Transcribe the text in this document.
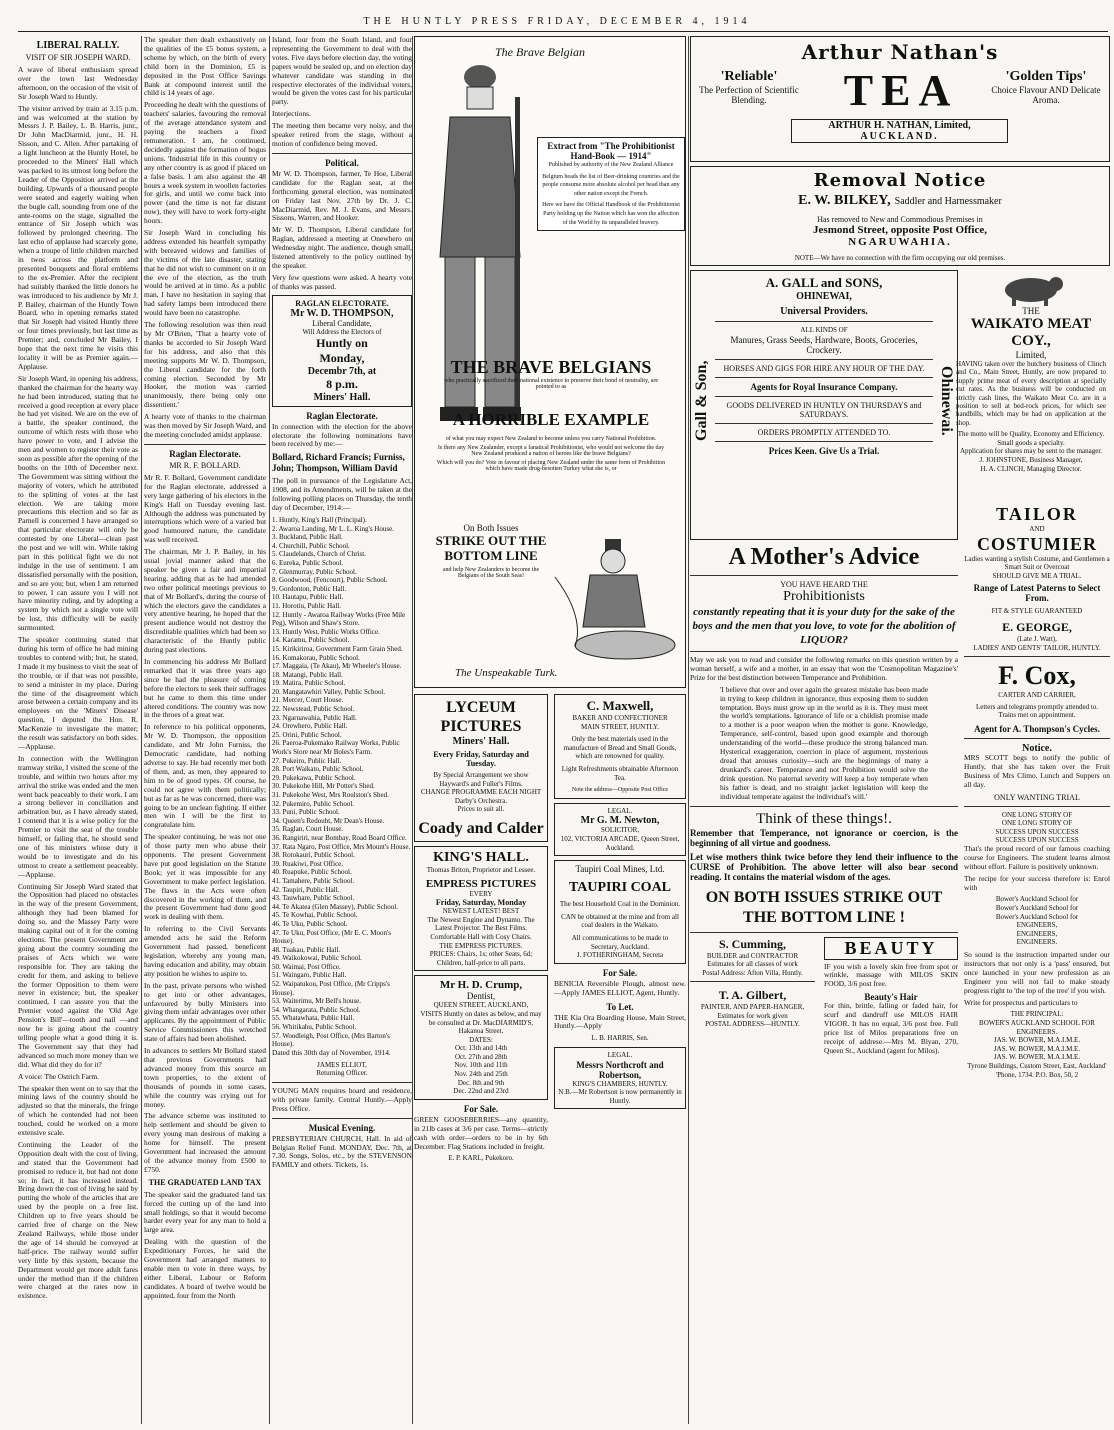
THE HUNTLY PRESS FRIDAY, DECEMBER 4, 1914
LIBERAL RALLY.
VISIT OF SIR JOSEPH WARD.

A wave of liberal enthusiasm spread over the town last Wednesday afternoon, on the occasion of the visit of Sir Joseph Ward to Huntly.

The visitor arrived by train at 3.15 p.m. and was welcomed at the station by Messrs J. P. Bailey, L. B. Harris, junr., Dr John MacDiarmid, junr., H. H. Sisson, and C. Allen. After partaking of a light luncheon at the Huntly Hotel, he proceeded to the Miners' Hall which was packed to its utmost long before the Leader of the Opposition arrived at the building. Upwards of a thousand people were seated and eagerly waiting when the bugle call, sounding from one of the ante-rooms on the stage, signalled the entrance of Sir Joseph which was followed by prolonged cheering. The last echo of applause had scarcely gone, when a troupe of little children marched in twos across the platform and presented bouquets and floral emblems to the ex-Premier. After the recipient had suitably thanked the little donors he was introduced to his audience by Mr J. P. Bailey, chairman of the Huntly Town Board, who in opening remarks stated that Sir Joseph had visited Huntly three or four times previously, but last time as Premier; and, concluded Mr Bailey, I hope that the next time he visits this locality it will be as Premier again.—Applause.

Sir Joseph Ward, in opening his address, thanked the chairman for the hearty way he had been introduced, stating that he received a good reception at every place he had yet visited. We are on the eve of a battle, the speaker continued, the outcome of which rests with those who have power to vote, and I advise the men and women to register their vote as soon as possible after the opening of the booths on the 10th of December next. The Government was sitting without the majority of voters, which he attributed to the splitting of votes at the last election. We are taking more precautions this election and so far as Parnell is concerned I have arranged so that particular electorate will only be contested by one Liberal—clean past the post and we will win. While taking part in this political fight we do not indulge in the use of sentiment. I am dissatisfied personally with the position, and so are you; but, when I am returned to power, I can assure you I will not have minority ruling, and by adopting a system by which not a single vote will be lost, this difficulty will be easily surmounted.

The speaker continuing stated that during his term of office he had mining troubles to contend with; but, he stated, I made it my business to visit the seat of the trouble, or if that was not possible, to send a minister in my place. During the time of the disagreement which arose between a certain company and its employees on the 'Miners' Disease' question, I deputed the Hon. R. MacKenzie to investigate the matter; the result was satisfactory on both sides.—Applause.

In connection with the Wellington tramway strike, I visited the scene of the trouble, and within two hours after my arrival the strike was ended and the men went back peaceably to their work. I am a strong believer in conciliation and arbitration but, as I have already stated, I contend that it is a wise policy for the Premier to visit the seat of the trouble himself, or failing that, he should send one of his ministers whose duty it would be to investigate and do his utmost to create a settlement peaceably.—Applause.

Continuing Sir Joseph Ward stated that the Opposition had placed no obstacles in the way of the present Government, although they had been blamed for doing so, and the Massey Party were making capital out of it for the coming elections. The present Government are going about the country sounding the praises of Acts which we were responsible for. They are taking the credit for them, and asking to believe the former Opposition to them were never in existence; but, the speaker continued, I can assure you that the Premier voted against the 'Old Age Pension's Bill'—tooth and nail —and now he is going about the country telling people what a good thing it is. The Government say that they had advanced so much more money than we did. What did they do for it?

A voice: The Ostrich Farm.

The speaker then went on to say that the mining laws of the country should be adjusted so that the minerals, the fringe of which he contended had not been touched, could be worked on a more extensive scale.

Continuing the Leader of the Opposition dealt with the cost of living, and stated that the Government had promised to reduce it, but had not done so; in fact, it has increased instead. Bring down the cost of living he said by putting the whole of the articles that are used by the people on a free list. Children up to five years should be carried free of charge on the New Zealand Railways, while those under the age of 14 should be conveyed at half-price. The railway would suffer very little by this system, because the Department would get more adult fares under the method than if the children were charged at the rates now in existence.

The speaker then dealt exhaustively on the qualities of the £5 bonus system, a scheme by which, on the birth of every child born in the Dominion, £5 is deposited in the Post Office Savings Bank at compound interest until the child is 14 years of age.

Proceeding he dealt with the questions of teachers' salaries, favouring the removal of the average attendance system and paying the teachers a fixed remuneration. I am, he continued, decidedly against the formation of bogus unions. 'Industrial life in this country or any other country is as good if placed on a false basis. I am also against the 48 hours a week system in woollen factories for girls, and until we come back into power (and the time is not far distant now), they will have to work forty-eight hours.

Sir Joseph Ward in concluding his address extended his heartfelt sympathy with bereaved widows and families of the victims of the late disaster, stating that he did not wish to comment on it on the eve of the election, as the truth would be arrived at in time. As a public man, I have no hesitation in saying that had safety lamps been introduced there would have been no catastrophe.

The following resolution was then read by Mr O'Brien, 'That a hearty vote of thanks be accorded to Sir Joseph Ward for his address, and also that this meeting supports Mr W. D. Thompson, the Liberal candidate for the forth coming election. Seconded by Mr Hooker, the motion was carried unanimously, there being only one dissentient.'

A hearty vote of thanks to the chairman was then moved by Sir Joseph Ward, and the meeting concluded amidst applause.

Raglan Electorate.
MR R. F. BOLLARD.

Mr R. F. Bollard, Government candidate for the Raglan electorate, addressed a very large gathering of his electors in the King's Hall on Tuesday evening last. Although the address was punctuated by interruptions which were of a varied but good humoured nature, the candidate was well received.

The chairman, Mr J. P. Bailey, in his usual jovial manner asked that the speaker be given a fair and impartial hearing, adding that as he had attended two other political meetings previous to that of Mr Bollard's, during the course of which the electors gave the candidates a very attentive hearing, he hoped that the present audience would not destroy the discreditable qualities which had been so characteristic of the Huntly public during past elections.

In commencing his address Mr Bollard remarked that it was three years ago since he had the pleasure of coming before the electors to seek their suffrages but he came to them this time under altered conditions. The country was now in the throes of a great war.

In reference to his political opponents, Mr W. D. Thompson, the opposition candidate, and Mr John Furniss, the Democratic candidate, had nothing adverse to say. He had recently met both of them, and, as men, they appeared to him to be of good types. Of course, he could not agree with them politically; but as far as he was concerned, there was going to be an unclean fighting. If either men win I will be the first to congratulate him.

The speaker continuing, he was not one of those party men who abuse their opponents. The present Government have put good legislation on the Statute Book; yet it was impossible for any Government to make perfect legislation. The flaws in the Acts were often discovered in the working of them, and the present Government had done good work in dealing with them.

In referring to the Civil Servants amended acts he said the Reform Government had passed, beneficent legislation, whereby any young man, having education and ability, may obtain any position he wishes to aspire to.

In the past, private persons who wished to get into or other advantages, unfavoured by bully Ministers into giving them unfair advantages over other applicants. By the appointment of Public Service Commissioners this wretched state of affairs had been abolished.

In advances to settlers Mr Bollard stated that previous Governments had advanced money from this source on town properties, to the extent of thousands of pounds in some cases, while the country was crying out for money.

The advance scheme was instituted to help settlement and should be given to every young man desirous of making a home for himself. The present Government had increased the amount of the advance money from £500 to £750.

THE GRADUATED LAND TAX

The speaker said the graduated land tax forced the cutting up of the land into small holdings, so that it would become harder every year for any man to hold a large area.

Dealing with the question of the Expeditionary Forces, he said the Government had arranged matters to enable men to vote in three ways, by either Liberal, Labour or Reform candidates. A board of twelve would be appointed, four from the North

Island, four from the South Island, and four representing the Government to deal with the votes. Five days before election day, the voting papers would be sealed up, and on election day whatever candidate was standing in the respective electorates of the individual voters, would be given the votes cast for his particular party.

Interjections.

The meeting then became very noisy, and the speaker retired from the stage, without a motion of confidence being moved.

Political.

Mr W. D. Thompson, farmer, Te Hoe, Liberal candidate for the Raglan seat, at the forthcoming general election, was nominated on Friday last Nov. 27th by Dr. J. C. MacDiarmid, Rev. M. J. Evans, and Messrs. Sissons, Warren, and Hooker.

Mr W. D. Thompson, Liberal candidate for Raglan, addressed a meeting at Onewhero on Wednesday night. The audience, though small, listened attentively to the policy outlined by the speaker.

Very few questions were asked. A hearty vote of thanks was passed.

RAGLAN ELECTORATE.
Mr W. D. THOMPSON,
Liberal Candidate,
Will Address the Electors of
Huntly on
Monday,
Decembr 7th, at
8 p.m.
Miners' Hall.
Raglan Electorate.

In connection with the election for the above electorate the following nominations have been received by me:—

Bollard, Richard Francis; Furniss, John; Thompson, William David

The poll in pursuance of the Legislature Act, 1908, and its Amendments, will be taken at the following polling places on Thursday, the tenth day of December, 1914:—

1. Huntly, King's Hall (Principal).

2. Awaroa Landing, Mr L. L. King's House.

3. Buckland, Public Hall.

4. Churchill, Public School.

5. Claudelands, Church of Christ.

6. Eureka, Public School.

7. Glenmurray, Public School.

8. Goodwood, (Fencourt), Public School.

9. Gordonton, Public Hall.

10. Hautapu, Public Hall.

11. Horotiu, Public Hall.

12. Huntly - Awaroa Railway Works (Free Mile Peg), Wilson and Shaw's Store.

13. Huntly West, Public Works Office.

14. Karamu, Public School.

15. Kirikiriroa, Government Farm Grain Shed.

16. Komakorau, Public School.

17. Maggaia, (Te Akau), Mr Wheeler's House.

18. Matangi, Public Hall.

19. Matira, Public School.

20. Mangatawhiri Valley, Public School.

21. Mercer, Court House.

22. Newstead, Public School.

23. Ngaruawahia, Public Hall.

24. Orewhero, Public Hall.

25. Orini, Public School.

26. Paeroa-Pukemako Railway Works, Public Work's Store near Mr Boles's Farm.

27. Pukeiro, Public Hall.

28. Port Waikato, Public School.

29. Pukekawa, Public School.

30. Pukekohe Hill, Mr Potter's Shed.

31. Pukekohe West, Mrs Roulston's Shed.

32. Pukemiro, Public School.

33. Puni, Public School.

34. Queen's Redoubt, Mr Dean's House.

35. Raglan, Court House.

36. Rangiriri, near Bombay, Road Board Office.

37. Rata Ngaro, Post Office, Mrs Mount's House.

38. Rotokauri, Public School.

39. Ruakiwi, Post Office.

40. Ruapuke, Public School.

41. Tamahere, Public School.

42. Taupiri, Public Hall.

43. Tauwhare, Public School.

44. Te Akatea (Glen Massey), Public School.

45. Te Kowhai, Public School.

46. Te Uku, Public School.

47. Te Uku, Post Office, (Mr E. C. Moon's House).

48. Tuakau, Public Hall.

49. Waikokowai, Public School.

50. Waimai, Post Office.

51. Waingaro, Public Hall.

52. Waipatukou, Post Office, (Mr Cripps's House).

53. Waiterimu, Mr Bell's house.

54. Whangarata, Public School.

55. Whatawhata, Public Hall.

56. Whitikahu, Public School.

57. Woodleigh, Post Office, (Mrs Barton's House).

Dated this 30th day of November, 1914.

JAMES ELLIOT,
Returning Officer.

YOUNG MAN requires board and residence, with private family. Central Huntly.—Apply Press Office.

Musical Evening.

PRESBYTERIAN CHURCH, Hall. In aid of Belgian Relief Fund. MONDAY, Dec. 7th, at 7.30. Songs, Solos, etc., by the STEVENSON FAMILY and others. Tickets, 1s.

The Brave Belgian
Extract from "The Prohibitionist Hand-Book — 1914"
Published by authority of the New Zealand Alliance
Belgium heads the list of Beer-drinking countries and the people consume more absolute alcohol per head than any other nation except the French.
Here we have the Official Handbook of the Prohibitionist Party holding up the Nation which has won the affection of the World by its unparalleled bravery.
THE BRAVE BELGIANS
who practically sacrificed their national existence to preserve their bond of neutrality, are pointed to as
A HORRIBLE EXAMPLE
of what you may expect New Zealand to become unless you carry National Prohibition.
Is there any New Zealander, except a fanatical Prohibitionist, who would not welcome the day New Zealand produced a nation of heroes like the brave Belgians?
Which will you do? Vote in favour of placing New Zealand under the same form of Prohibition which have made drug-besotten Turkey what she is, or
On Both Issues
STRIKE OUT THE BOTTOM LINE
and help New Zealanders to become the Belgians of the South Seas!
The Unspeakable Turk.
LYCEUM PICTURES
Miners' Hall.
Every Friday, Saturday and Tuesday.
By Special Arrangement we show Hayward's and Fuller's Films.
CHANGE PROGRAMME EACH NIGHT
Darby's Orchestra.
Prices to suit all.
Coady and Calder
KING'S HALL.
Thomas Briton, Proprietor and Lessee.
EMPRESS PICTURES
EVERY
Friday, Saturday, Monday
NEWEST LATEST! BEST
The Newest Engine and Dynamo. The Latest Projector. The Best Films. Comfortable Hall with Cosy Chairs.
THE EMPRESS PICTURES.
PRICES: Chairs, 1s; other Seats, 6d; Children, half-price to all parts.
Mr H. D. Crump,
Dentist,
QUEEN STREET, AUCKLAND,
VISITS Huntly on dates as below, and may be consulted at Dr. MacDIARMID'S, Hakanoa Street.
DATES:
Oct. 13th and 14th
Oct. 27th and 28th
Nov. 10th and 11th
Nov. 24th and 25th
Dec. 8th and 9th
Dec. 22nd and 23rd
For Sale.

GREEN GOOSEBERRIES—any quantity, in 21lb cases at 3/6 per case. Terms—strictly cash with order—orders to be in by 6th December. Flag Stations included in freight.

E. P. KARL, Pukekoro.
C. Maxwell,
BAKER AND CONFECTIONER
MAIN STREET, HUNTLY.
Only the best materials used in the manufacture of Bread and Small Goods, which are renowned for quality.
Light Refreshments obtainable Afternoon Tea.
Note the address—Opposite Post Office
LEGAL.
Mr G. M. Newton,
SOLICITOR,
102, VICTORIA ARCADE, Queen Street, Auckland.
Taupiri Coal Mines, Ltd.
TAUPIRI COAL
The best Household Coal in the Dominion.
CAN be obtained at the mine and from all coal dealers in the Waikato.
All communications to be made to Secretary, Auckland.
J. FOTHERINGHAM, Secreta
For Sale.

BENICIA Reversible Plough, almost new.—Apply JAMES ELLIOT, Agent, Huntly.

To Let.

THE Kia Ora Boarding House, Main Street, Huntly.—Apply

L. B. HARRIS, Sen.
LEGAL.
Messrs Northcroft and Robertson,
KING'S CHAMBERS, HUNTLY.
N.B.—Mr Robertson is now permanently in Huntly.
Arthur Nathan's
'Reliable'
The Perfection of Scientific Blending.	TEA	'Golden Tips'
Choice Flavour AND Delicate Aroma.
ARTHUR H. NATHAN, Limited,
AUCKLAND.
Removal Notice
E. W. BILKEY, Saddler and Harnessmaker
Has removed to New and Commodious Premises in
Jesmond Street, opposite Post Office,
NGARUWAHIA.
NOTE—We have no connection with the firm occupying our old premises.
Gall & Son,	Ohinewai.
A. GALL and SONS,
OHINEWAI,
Universal Providers.
ALL KINDS OF
Manures, Grass Seeds, Hardware, Boots, Groceries, Crockery.
HORSES AND GIGS FOR HIRE ANY HOUR OF THE DAY.
Agents for Royal Insurance Company.
GOODS DELIVERED IN HUNTLY ON THURSDAYS and SATURDAYS.
ORDERS PROMPTLY ATTENDED TO.
Prices Keen. Give Us a Trial.
THE
WAIKATO MEAT COY.,
Limited,

HAVING taken over the butchery business of Clinch and Co., Main Street, Huntly, are now prepared to supply prime meat of every description at specially cut rates. As the business will be conducted on strictly cash lines, the Waikato Meat Co. are in a position to sell at bed-rock prices, for which see handbills, which may be had on application at the shop.

The motto will be Quality, Economy and Efficiency.
Small goods a specialty.
Application for shares may be sent to the manager.
J. JOHNSTONE, Business Manager,
H. A. CLINCH, Managing Director.
A Mother's Advice
YOU HAVE HEARD THE
Prohibitionists
constantly repeating that it is your duty for the sake of the boys and the men that you love, to vote for the abolition of LIQUOR?

May we ask you to read and consider the following remarks on this question written by a woman herself, a wife and a mother, in an essay that won the 'Cosmopolitan Magazine's' Prize for the best distinction between Temperance and Prohibition.

'I believe that over and over again the greatest mistake has been made in trying to keep children in ignorance, thus exposing them to sudden temptation. Boys must grow up in the world as it is. They must meet the world's temptations. Ignorance of life or a childish promise made to a mother is a poor weapon when the mother is gone. Knowledge, Temperance, self-control, based upon good example and thorough understanding of the world—these produce the strong balanced man. Hysterical exaggeration, coercion in place of argument, mysterious dread that arouses curiosity—such are the beginnings of many a drunkard's career. Temperance and not Prohibition would solve the drink question. No paternal severity will keep a boy temperate when his father is dead, and no straight jacket legislation will keep the individual temperate against the individual's will.'

Think of these things!.
Remember that Temperance, not ignorance or coercion, is the beginning of all virtue and goodness.
Let wise mothers think twice before they lend their influence to the CURSE of Prohibition. The above letter will also bear second reading. It contains the material wisdom of the ages.
ON BOTH ISSUES STRIKE OUT THE BOTTOM LINE !
S. Cumming,
BUILDER and CONTRACTOR
Estimates for all classes of work
Postal Address: Afton Villa, Huntly.
T. A. Gilbert,
PAINTER, AND PAPER-HANGER,
Estimates for work given
POSTAL ADDRESS—HUNTLY.
BEAUTY

IF you wish a lovely skin free from spot or wrinkle, massage with MILOS SKIN FOOD, 3/6 post free.

Beauty's Hair

For thin, brittle, falling or faded hair, for scurf and dandruff use MILOS HAIR VIGOR. It has no equal, 3/6 post free. Full price list of Milos preparations free on receipt of addrese.—Mrs M. Blyan, 270, Queen St., Auckland (agent for Milos).

TAILOR
AND
COSTUMIER
Ladies wanting a stylish Costume, and Gentlemen a Smart Suit or Overcoat
SHOULD GIVE ME A TRIAL.
Range of Latest Paterns to Select From.
FIT & STYLE GUARANTEED
E. GEORGE,
(Late J. Watt),
LADIES' AND GENTS' TAILOR, HUNTLY.
F. Cox,
CARTER AND CARRIER,
Letters and telegrams promptly attended to.
Trains met on appointment.
Agent for A. Thompson's Cycles.
Notice.

MRS SCOTT begs to notify the public of Huntly, that she has taken over the Fruit Business of Mrs Climo. Lunch and Suppers on all day.

ONLY WANTING TRIAL
ONE LONG STORY OF
ONE LONG STORY OF
SUCCESS UPON SUCCESS
SUCCESS UPON SUCCESS

That's the proud record of our famous coaching course for Engineers. The student learns almost without effort. Failure is positively unknown.

The recipe for your success therefore is: Enrol with

Bower's Auckland School for
Bower's Auckland School for
Bower's Auckland School for
ENGINEERS,
ENGINEERS,
ENGINEERS.

So sound is the instruction imparted under our instructors that not only is a 'pass' ensured, but once launched in your new profession as an Engineer you will not fail to make steady progress right to 'the top of the tree' if you wish.

Write for prospectus and particulars to

THE PRINCIPAL:
BOWER'S AUCKLAND SCHOOL FOR ENGINEERS.
JAS. W. BOWER, M.A.I.M.E.
JAS. W. BOWER, M.A.I.M.E.
JAS. W. BOWER, M.A.I.M.E.
Tyrone Buildings, Custom Street, East, Auckland'
'Phone, 1734. P.O. Box, 50, 2
